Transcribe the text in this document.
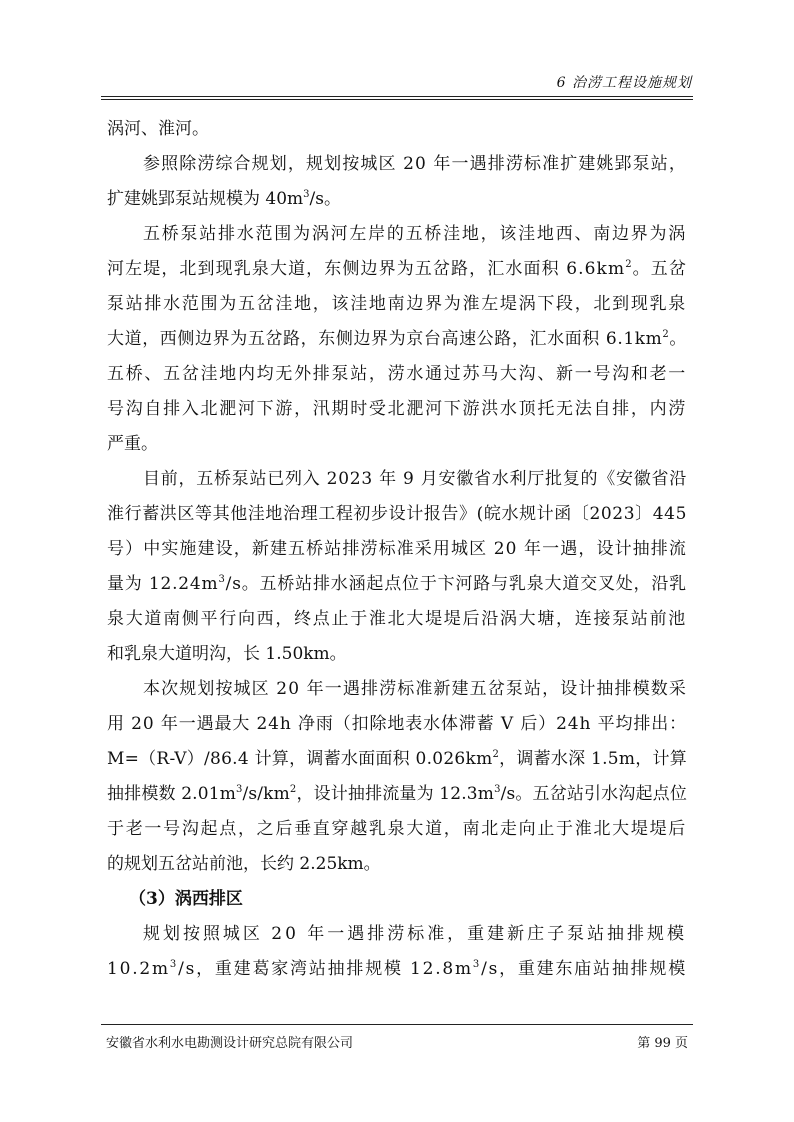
6 治涝工程设施规划
涡河、淮河。
参照除涝综合规划，规划按城区 20 年一遇排涝标准扩建姚郢泵站，
扩建姚郢泵站规模为 $40m^3/s$。
五桥泵站排水范围为涡河左岸的五桥洼地，该洼地西、南边界为涡
河左堤，北到现乳泉大道，东侧边界为五岔路，汇水面积 $6.6km^2$。五岔
泵站排水范围为五岔洼地，该洼地南边界为淮左堤涡下段，北到现乳泉
大道，西侧边界为五岔路，东侧边界为京台高速公路，汇水面积 $6.1km^2$。
五桥、五岔洼地内均无外排泵站，涝水通过苏马大沟、新一号沟和老一
号沟自排入北淝河下游，汛期时受北淝河下游洪水顶托无法自排，内涝
严重。
目前，五桥泵站已列入 2023 年 9 月安徽省水利厅批复的《安徽省沿
淮行蓄洪区等其他洼地治理工程初步设计报告》(皖水规计函〔2023〕445
号）中实施建设，新建五桥站排涝标准采用城区 20 年一遇，设计抽排流
量为 $12.24m^3/s$。五桥站排水涵起点位于卞河路与乳泉大道交叉处，沿乳
泉大道南侧平行向西，终点止于淮北大堤堤后沿涡大塘，连接泵站前池
和乳泉大道明沟，长 1.50km。
本次规划按城区 20 年一遇排涝标准新建五岔泵站，设计抽排模数采
用 20 年一遇最大 24h 净雨（扣除地表水体滞蓄 V 后）24h 平均排出：
M=（R-V）/86.4 计算，调蓄水面面积 $0.026km^2$，调蓄水深 1.5m，计算
抽排模数 $2.01m^3/s/km^2$，设计抽排流量为 $12.3m^3/s$。五岔站引水沟起点位
于老一号沟起点，之后垂直穿越乳泉大道，南北走向止于淮北大堤堤后
的规划五岔站前池，长约 2.25km。
（3）涡西排区
规划按照城区 20 年一遇排涝标准，重建新庄子泵站抽排规模
$10.2m^3/s$，重建葛家湾站抽排规模 $12.8m^3/s$，重建东庙站抽排规模
安徽省水利水电勘测设计研究总院有限公司	第 99 页
